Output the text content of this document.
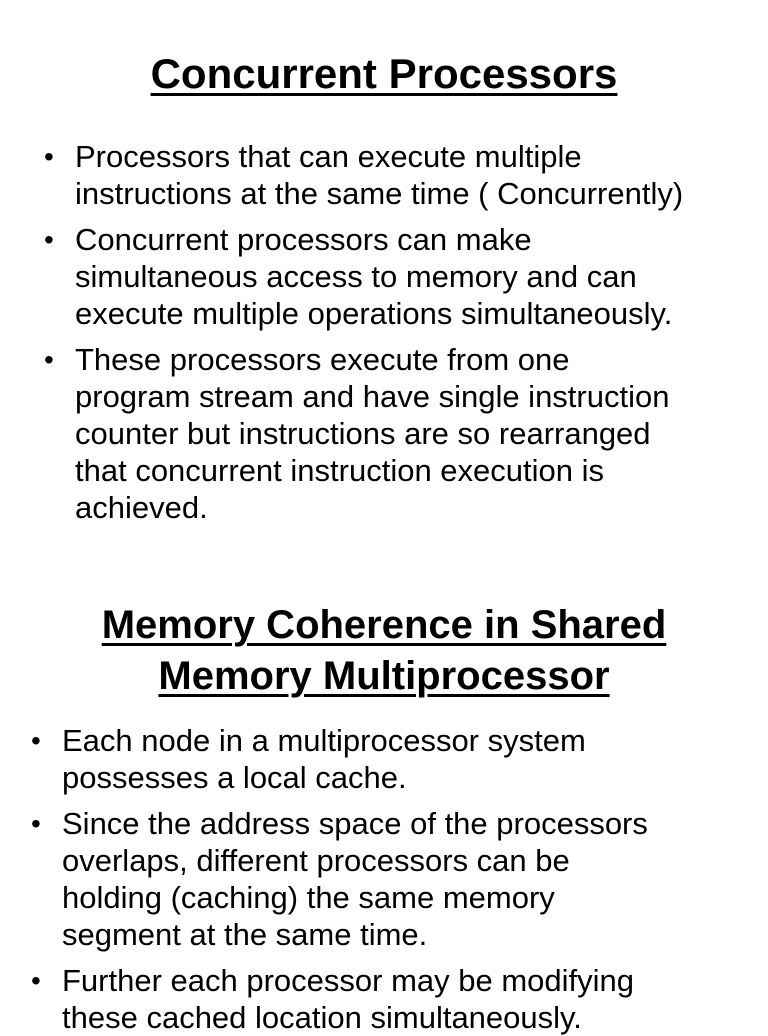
Concurrent Processors
• Processors that can execute multiple
instructions at the same time ( Concurrently)
• Concurrent processors can make
simultaneous access to memory and can
execute multiple operations simultaneously.
• These processors execute from one
program stream and have single instruction
counter but instructions are so rearranged
that concurrent instruction execution is
achieved.
Memory Coherence in Shared
Memory Multiprocessor
• Each node in a multiprocessor system
possesses a local cache.
• Since the address space of the processors
overlaps, different processors can be
holding (caching) the same memory
segment at the same time.
• Further each processor may be modifying
these cached location simultaneously.
